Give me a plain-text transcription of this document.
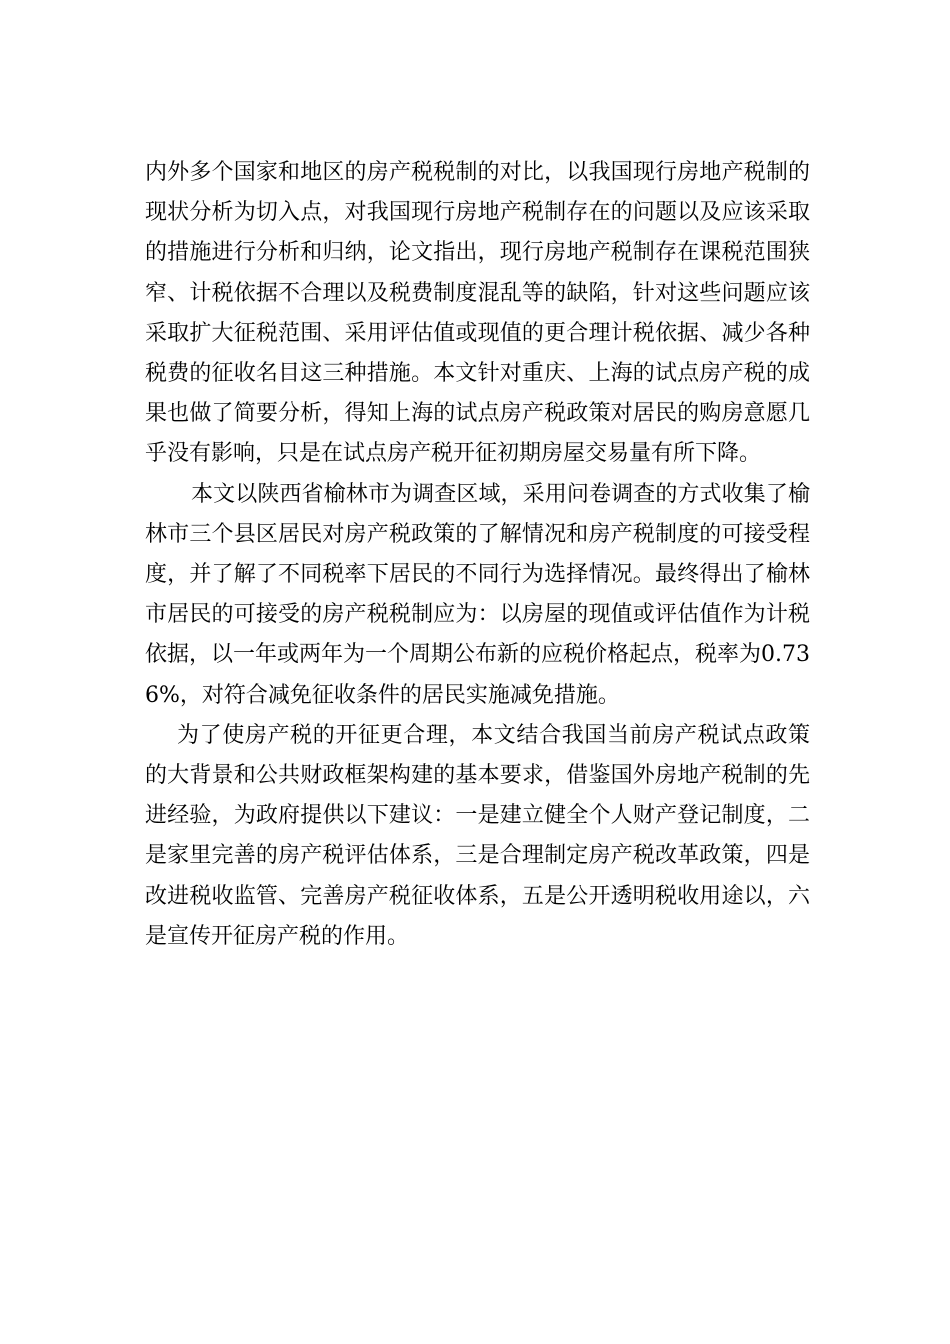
内外多个国家和地区的房产税税制的对比，以我国现行房地产税制的现状分析为切入点，对我国现行房地产税制存在的问题以及应该采取的措施进行分析和归纳，论文指出，现行房地产税制存在课税范围狭窄、计税依据不合理以及税费制度混乱等的缺陷，针对这些问题应该采取扩大征税范围、采用评估值或现值的更合理计税依据、减少各种税费的征收名目这三种措施。本文针对重庆、上海的试点房产税的成果也做了简要分析，得知上海的试点房产税政策对居民的购房意愿几乎没有影响，只是在试点房产税开征初期房屋交易量有所下降。

本文以陕西省榆林市为调查区域，采用问卷调查的方式收集了榆林市三个县区居民对房产税政策的了解情况和房产税制度的可接受程度，并了解了不同税率下居民的不同行为选择情况。最终得出了榆林市居民的可接受的房产税税制应为：以房屋的现值或评估值作为计税依据，以一年或两年为一个周期公布新的应税价格起点，税率为0.736%，对符合减免征收条件的居民实施减免措施。

为了使房产税的开征更合理，本文结合我国当前房产税试点政策的大背景和公共财政框架构建的基本要求，借鉴国外房地产税制的先进经验，为政府提供以下建议：一是建立健全个人财产登记制度，二是家里完善的房产税评估体系，三是合理制定房产税改革政策，四是改进税收监管、完善房产税征收体系，五是公开透明税收用途以，六是宣传开征房产税的作用。
